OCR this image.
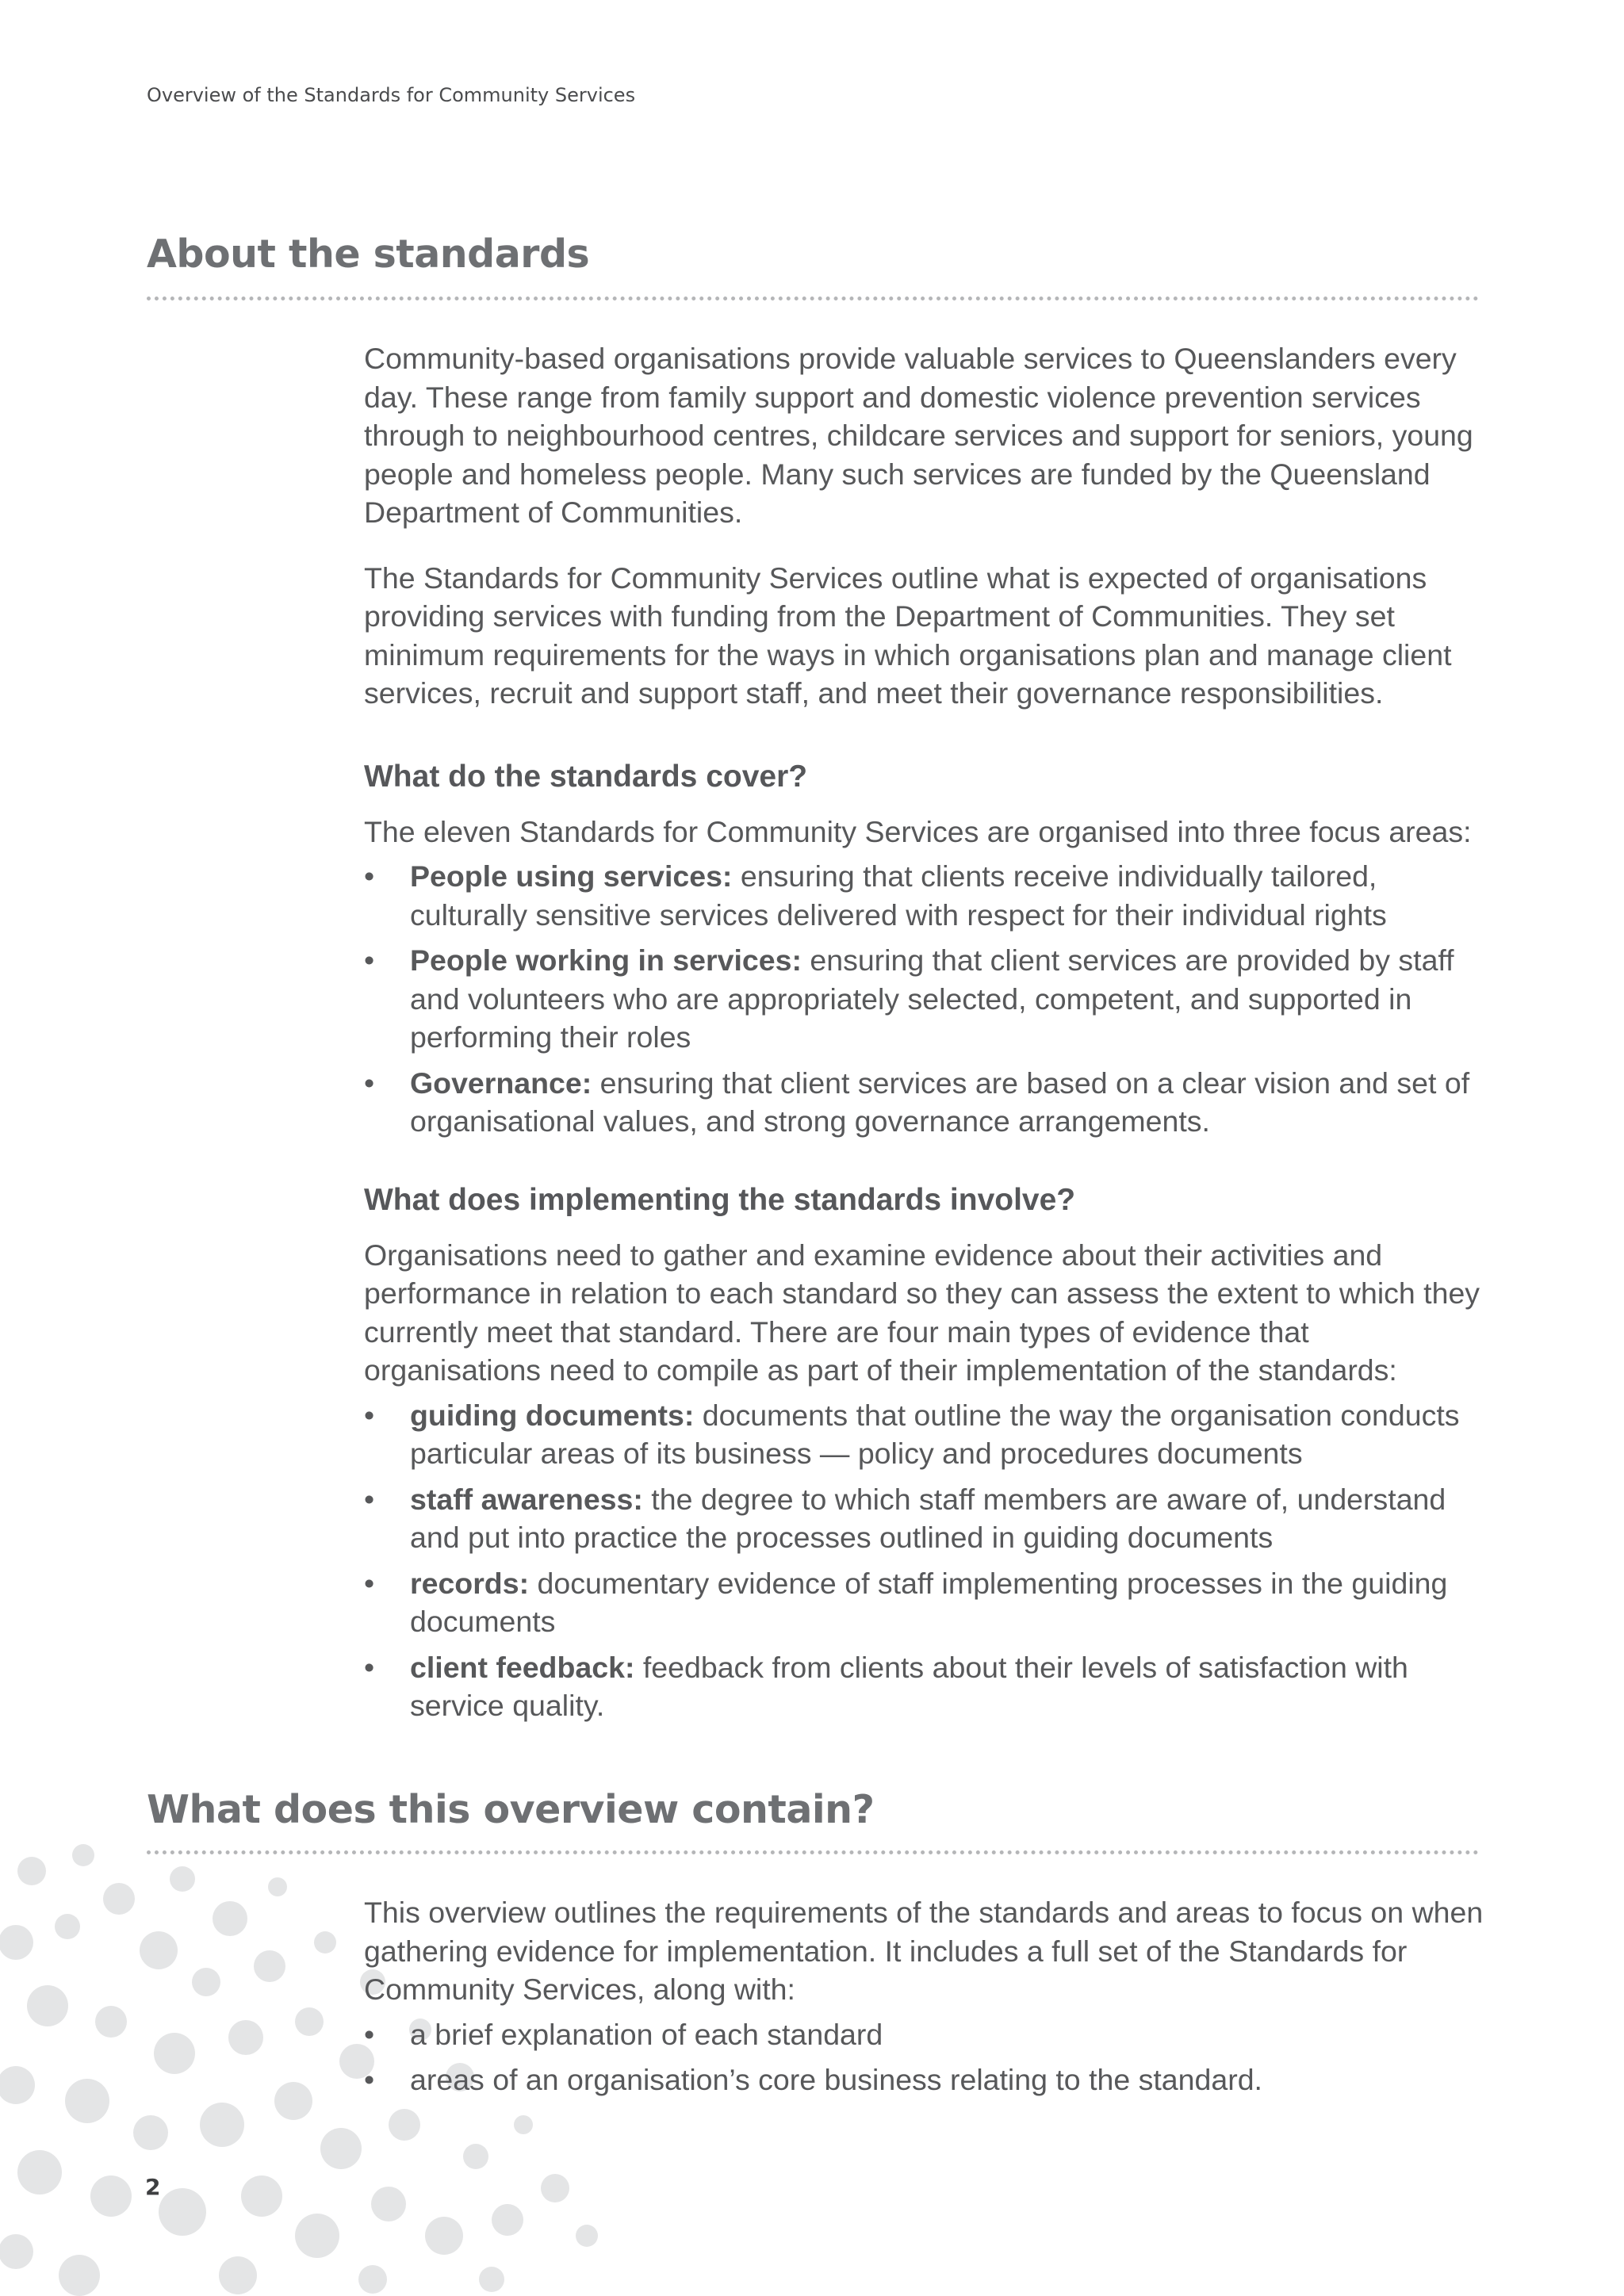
Overview of the Standards for Community Services

About the standards

Community-based organisations provide valuable services to Queenslanders every day. These range from family support and domestic violence prevention services through to neighbourhood centres, childcare services and support for seniors, young people and homeless people. Many such services are funded by the Queensland Department of Communities.

The Standards for Community Services outline what is expected of organisations providing services with funding from the Department of Communities. They set minimum requirements for the ways in which organisations plan and manage client services, recruit and support staff, and meet their governance responsibilities.

What do the standards cover?

The eleven Standards for Community Services are organised into three focus areas:

• People using services: ensuring that clients receive individually tailored, culturally sensitive services delivered with respect for their individual rights
• People working in services: ensuring that client services are provided by staff and volunteers who are appropriately selected, competent, and supported in performing their roles
• Governance: ensuring that client services are based on a clear vision and set of organisational values, and strong governance arrangements.
What does implementing the standards involve?

Organisations need to gather and examine evidence about their activities and performance in relation to each standard so they can assess the extent to which they currently meet that standard. There are four main types of evidence that organisations need to compile as part of their implementation of the standards:

• guiding documents: documents that outline the way the organisation conducts particular areas of its business — policy and procedures documents
• staff awareness: the degree to which staff members are aware of, understand and put into practice the processes outlined in guiding documents
• records: documentary evidence of staff implementing processes in the guiding documents
• client feedback: feedback from clients about their levels of satisfaction with service quality.
What does this overview contain?

This overview outlines the requirements of the standards and areas to focus on when gathering evidence for implementation. It includes a full set of the Standards for Community Services, along with:

• a brief explanation of each standard
• areas of an organisation’s core business relating to the standard.

2
